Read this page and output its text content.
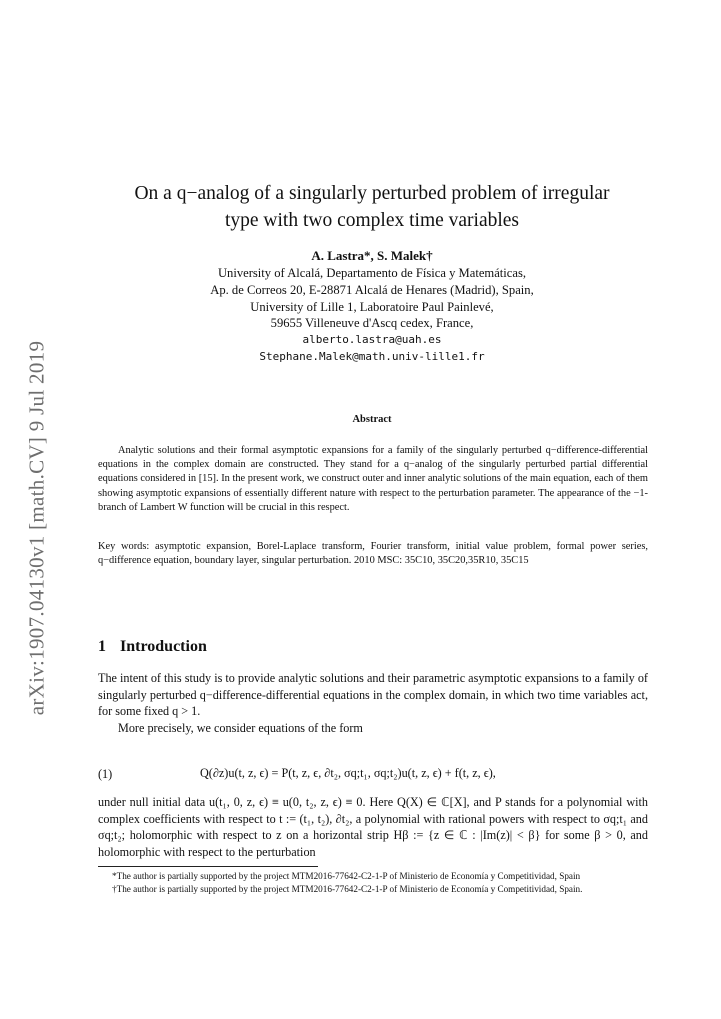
arXiv:1907.04130v1 [math.CV] 9 Jul 2019
On a q−analog of a singularly perturbed problem of irregular
type with two complex time variables
A. Lastra*, S. Malek†
University of Alcalá, Departamento de Física y Matemáticas,
Ap. de Correos 20, E-28871 Alcalá de Henares (Madrid), Spain,
University of Lille 1, Laboratoire Paul Painlevé,
59655 Villeneuve d'Ascq cedex, France,
alberto.lastra@uah.es
Stephane.Malek@math.univ-lille1.fr
Abstract
Analytic solutions and their formal asymptotic expansions for a family of the singularly perturbed q−difference-differential equations in the complex domain are constructed. They stand for a q−analog of the singularly perturbed partial differential equations considered in [15]. In the present work, we construct outer and inner analytic solutions of the main equation, each of them showing asymptotic expansions of essentially different nature with respect to the perturbation parameter. The appearance of the −1-branch of Lambert W function will be crucial in this respect.
Key words: asymptotic expansion, Borel-Laplace transform, Fourier transform, initial value problem, formal power series, q−difference equation, boundary layer, singular perturbation. 2010 MSC: 35C10, 35C20,35R10, 35C15
1 Introduction

The intent of this study is to provide analytic solutions and their parametric asymptotic expansions to a family of singularly perturbed q−difference-differential equations in the complex domain, in which two time variables act, for some fixed q > 1.

More precisely, we consider equations of the form

(1)	Q(∂z)u(t, z, ϵ) = P(t, z, ϵ, ∂t₂, σq;t₁, σq;t₂)u(t, z, ϵ) + f(t, z, ϵ),
under null initial data u(t₁, 0, z, ϵ) ≡ u(0, t₂, z, ϵ) ≡ 0. Here Q(X) ∈ ℂ[X], and P stands for a polynomial with complex coefficients with respect to t := (t₁, t₂), ∂t₂, a polynomial with rational powers with respect to σq;t₁ and σq;t₂; holomorphic with respect to z on a horizontal strip Hβ := {z ∈ ℂ : |Im(z)| < β} for some β > 0, and holomorphic with respect to the perturbation

*The author is partially supported by the project MTM2016-77642-C2-1-P of Ministerio de Economía y Competitividad, Spain

†The author is partially supported by the project MTM2016-77642-C2-1-P of Ministerio de Economía y Competitividad, Spain.
